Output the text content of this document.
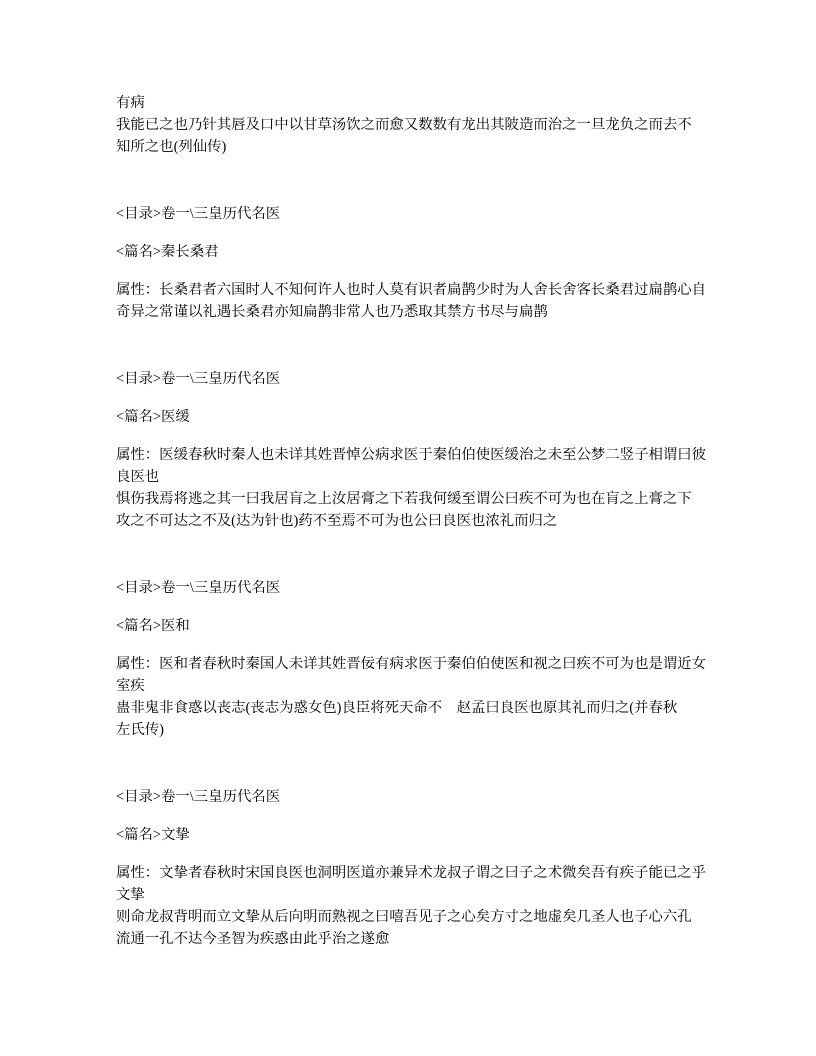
有病
我能已之也乃针其唇及口中以甘草汤饮之而愈又数数有龙出其陂造而治之一旦龙负之而去不
知所之也(列仙传)
<目录>卷一\三皇历代名医
<篇名>秦长桑君
属性：长桑君者六国时人不知何许人也时人莫有识者扁鹊少时为人舍长舍客长桑君过扁鹊心自
奇异之常谨以礼遇长桑君亦知扁鹊非常人也乃悉取其禁方书尽与扁鹊
<目录>卷一\三皇历代名医
<篇名>医缓
属性：医缓春秋时秦人也未详其姓晋悼公病求医于秦伯伯使医缓治之未至公梦二竖子相谓曰彼
良医也
惧伤我焉将逃之其一曰我居肓之上汝居膏之下若我何缓至谓公曰疾不可为也在肓之上膏之下
攻之不可达之不及(达为针也)药不至焉不可为也公曰良医也浓礼而归之
<目录>卷一\三皇历代名医
<篇名>医和
属性：医和者春秋时秦国人未详其姓晋佞有病求医于秦伯伯使医和视之曰疾不可为也是谓近女
室疾
蛊非鬼非食惑以丧志(丧志为惑女色)良臣将死天命不　赵孟曰良医也原其礼而归之(并春秋
左氏传)
<目录>卷一\三皇历代名医
<篇名>文挚
属性：文挚者春秋时宋国良医也洞明医道亦兼异术龙叔子谓之曰子之术微矣吾有疾子能已之乎
文挚
则命龙叔背明而立文挚从后向明而熟视之曰嘻吾见子之心矣方寸之地虚矣几圣人也子心六孔
流通一孔不达今圣智为疾惑由此乎治之遂愈
